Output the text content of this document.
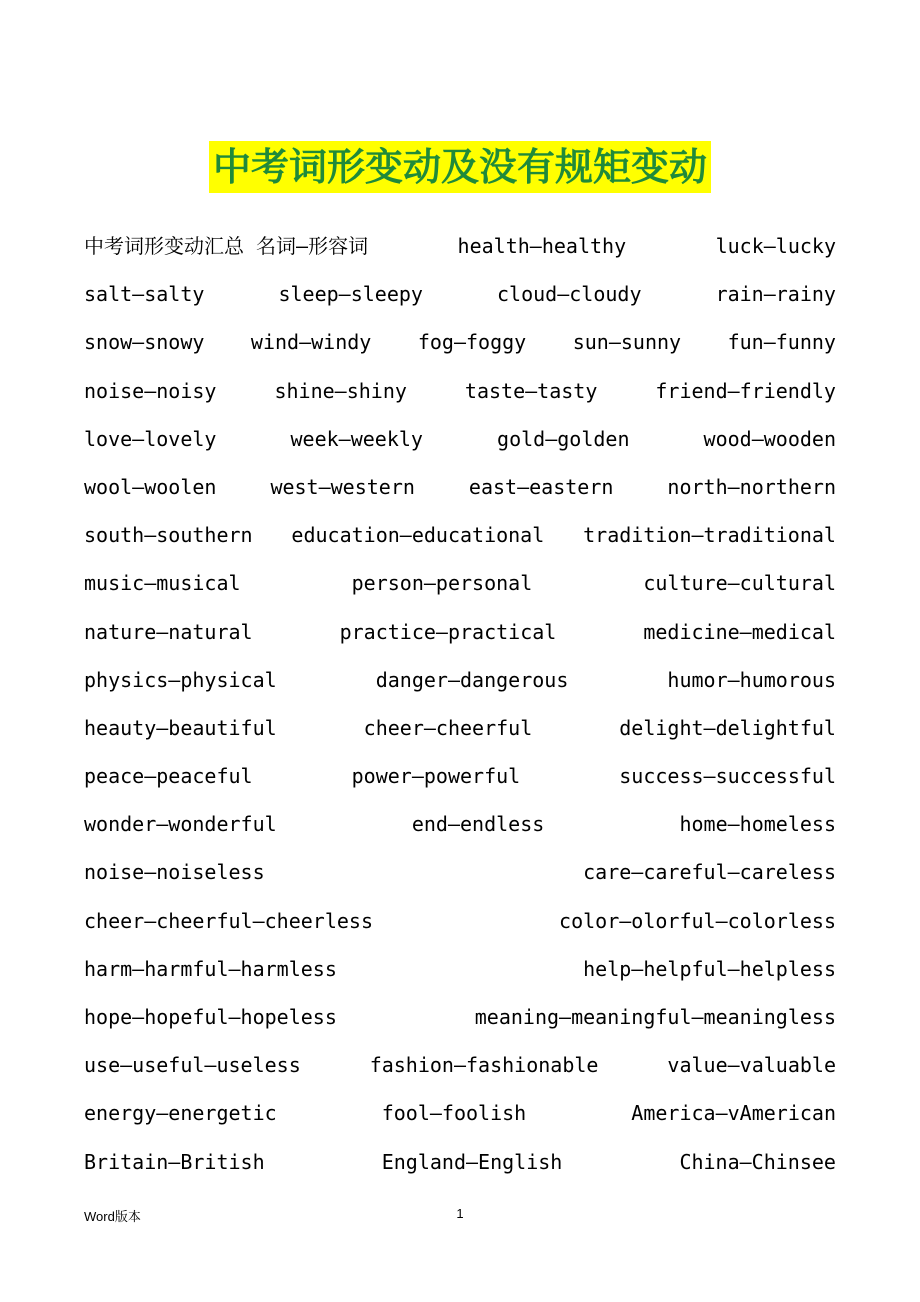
中考词形变动及没有规矩变动
中考词形变动汇总 名词—形容词	health—healthy	luck—lucky
salt—salty	sleep—sleepy	cloud—cloudy	rain—rainy
snow—snowy wind—windy fog—foggy sun—sunny fun—funny
noise—noisy	shine—shiny	taste—tasty	friend—friendly
love—lovely	week—weekly	gold—golden	wood—wooden
wool—woolen	west—western	east—eastern	north—northern
south—southern education—educational tradition—traditional
music—musical	person—personal	culture—cultural
nature—natural	practice—practical	medicine—medical
physics—physical	danger—dangerous	humor—humorous
heauty—beautiful	cheer—cheerful	delight—delightful
peace—peaceful	power—powerful	success—successful
wonder—wonderful	end—endless	home—homeless
noise—noiseless	care—careful—careless
cheer—cheerful—cheerless	color—olorful—colorless
harm—harmful—harmless	help—helpful—helpless
hope—hopeful—hopeless	meaning—meaningful—meaningless
use—useful—useless	fashion—fashionable	value—valuable
energy—energetic	fool—foolish	America—vAmerican
Britain—British	England—English	China—Chinsee
Word版本	1
